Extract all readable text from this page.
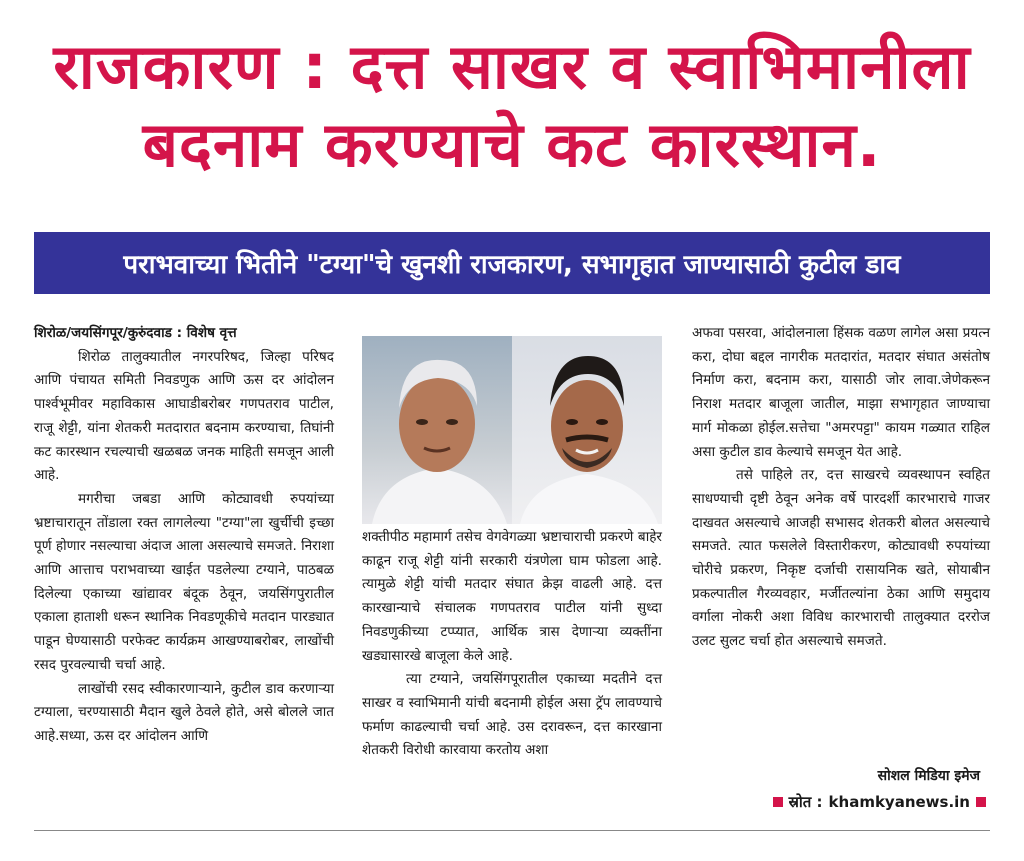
राजकारण : दत्त साखर व स्वाभिमानीला
बदनाम करण्याचे कट कारस्थान.
पराभवाच्या भितीने "टग्या"चे खुनशी राजकारण, सभागृहात जाण्यासाठी कुटील डाव

शिरोळ/जयसिंगपूर/कुरुंदवाड : विशेष वृत्त

शिरोळ तालुक्यातील नगरपरिषद, जिल्हा परिषद आणि पंचायत समिती निवडणुक आणि ऊस दर आंदोलन पार्श्वभूमीवर महाविकास आघाडीबरोबर गणपतराव पाटील, राजू शेट्टी, यांना शेतकरी मतदारात बदनाम करण्याचा, तिघांनी कट कारस्थान रचल्याची खळबळ जनक माहिती समजून आली आहे.

मगरीचा जबडा आणि कोट्यावधी रुपयांच्या भ्रष्टाचारातून तोंडाला रक्त लागलेल्या "टग्या"ला खुर्चीची इच्छा पूर्ण होणार नसल्याचा अंदाज आला असल्याचे समजते. निराशा आणि आत्ताच पराभवाच्या खाईत पडलेल्या टग्याने, पाठबळ दिलेल्या एकाच्या खांद्यावर बंदूक ठेवून, जयसिंगपुरातील एकाला हाताशी धरून स्थानिक निवडणूकीचे मतदान पारड्यात पाडून घेण्यासाठी परफेक्ट कार्यक्रम आखण्याबरोबर, लाखोंची रसद पुरवल्याची चर्चा आहे.

लाखोंची रसद स्वीकारणाऱ्याने, कुटील डाव करणाऱ्या टग्याला, चरण्यासाठी मैदान खुले ठेवले होते, असे बोलले जात आहे.सध्या, ऊस दर आंदोलन आणि

शक्तीपीठ महामार्ग तसेच वेगवेगळ्या भ्रष्टाचाराची प्रकरणे बाहेर काढून राजू शेट्टी यांनी सरकारी यंत्रणेला घाम फोडला आहे. त्यामुळे शेट्टी यांची मतदार संघात क्रेझ वाढली आहे. दत्त कारखान्याचे संचालक गणपतराव पाटील यांनी सुध्दा निवडणुकीच्या टप्प्यात, आर्थिक त्रास देणाऱ्या व्यक्तींना खड्यासारखे बाजूला केले आहे.

त्या टग्याने, जयसिंगपूरातील एकाच्या मदतीने दत्त साखर व स्वाभिमानी यांची बदनामी होईल असा ट्रॅप लावण्याचे फर्माण काढल्याची चर्चा आहे. उस दरावरून, दत्त कारखाना शेतकरी विरोधी कारवाया करतोय अशा

अफवा पसरवा, आंदोलनाला हिंसक वळण लागेल असा प्रयत्न करा, दोघा बद्दल नागरीक मतदारांत, मतदार संघात असंतोष निर्माण करा, बदनाम करा, यासाठी जोर लावा.जेणेकरून निराश मतदार बाजूला जातील, माझा सभागृहात जाण्याचा मार्ग मोकळा होईल.सत्तेचा "अमरपट्टा" कायम गळ्यात राहिल असा कुटील डाव केल्याचे समजून येत आहे.

तसे पाहिले तर, दत्त साखरचे व्यवस्थापन स्वहित साधण्याची दृष्टी ठेवून अनेक वर्षे पारदर्शी कारभाराचे गाजर दाखवत असल्याचे आजही सभासद शेतकरी बोलत असल्याचे समजते. त्यात फसलेले विस्तारीकरण, कोट्यावधी रुपयांच्या चोरीचे प्रकरण, निकृष्ट दर्जाची रासायनिक खते, सोयाबीन प्रकल्पातील गैरव्यवहार, मर्जीतल्यांना ठेका आणि समुदाय वर्गाला नोकरी अशा विविध कारभाराची तालुक्यात दररोज उलट सुलट चर्चा होत असल्याचे समजते.

सोशल मिडिया इमेज
स्रोत : khamkyanews.in
